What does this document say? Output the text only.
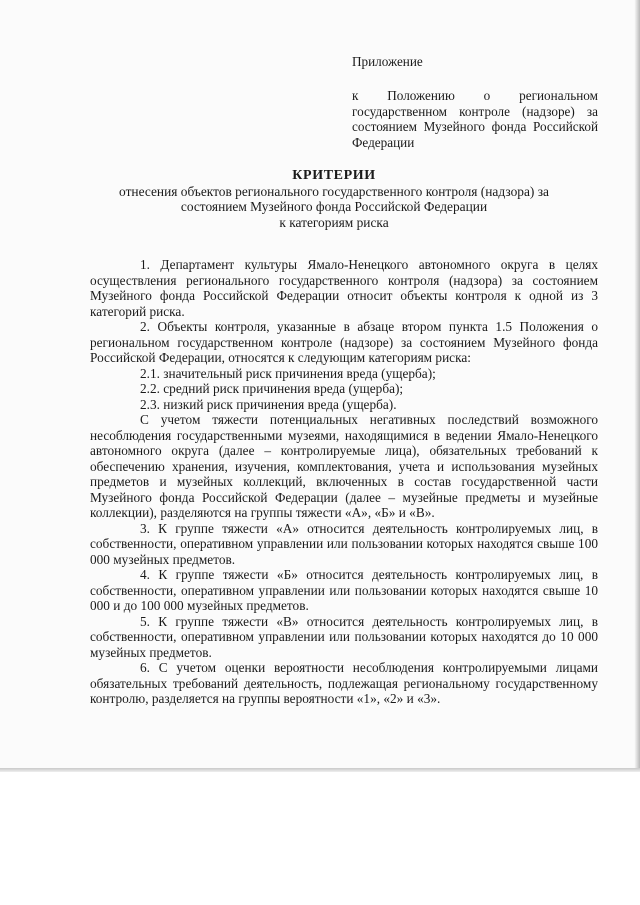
Приложение
к Положению о региональном государственном контроле (надзоре) за состоянием Музейного фонда Российской Федерации
КРИТЕРИИ
отнесения объектов регионального государственного контроля (надзора) за
состоянием Музейного фонда Российской Федерации
к категориям риска

1. Департамент культуры Ямало-Ненецкого автономного округа в целях осуществления регионального государственного контроля (надзора) за состоянием Музейного фонда Российской Федерации относит объекты контроля к одной из 3 категорий риска.

2. Объекты контроля, указанные в абзаце втором пункта 1.5 Положения о региональном государственном контроле (надзоре) за состоянием Музейного фонда Российской Федерации, относятся к следующим категориям риска:

2.1. значительный риск причинения вреда (ущерба);

2.2. средний риск причинения вреда (ущерба);

2.3. низкий риск причинения вреда (ущерба).

С учетом тяжести потенциальных негативных последствий возможного несоблюдения государственными музеями, находящимися в ведении Ямало-Ненецкого автономного округа (далее – контролируемые лица), обязательных требований к обеспечению хранения, изучения, комплектования, учета и использования музейных предметов и музейных коллекций, включенных в состав государственной части Музейного фонда Российской Федерации (далее – музейные предметы и музейные коллекции), разделяются на группы тяжести «А», «Б» и «В».

3. К группе тяжести «А» относится деятельность контролируемых лиц, в собственности, оперативном управлении или пользовании которых находятся свыше 100 000 музейных предметов.

4. К группе тяжести «Б» относится деятельность контролируемых лиц, в собственности, оперативном управлении или пользовании которых находятся свыше 10 000 и до 100 000 музейных предметов.

5. К группе тяжести «В» относится деятельность контролируемых лиц, в собственности, оперативном управлении или пользовании которых находятся до 10 000 музейных предметов.

6. С учетом оценки вероятности несоблюдения контролируемыми лицами обязательных требований деятельность, подлежащая региональному государственному контролю, разделяется на группы вероятности «1», «2» и «3».
